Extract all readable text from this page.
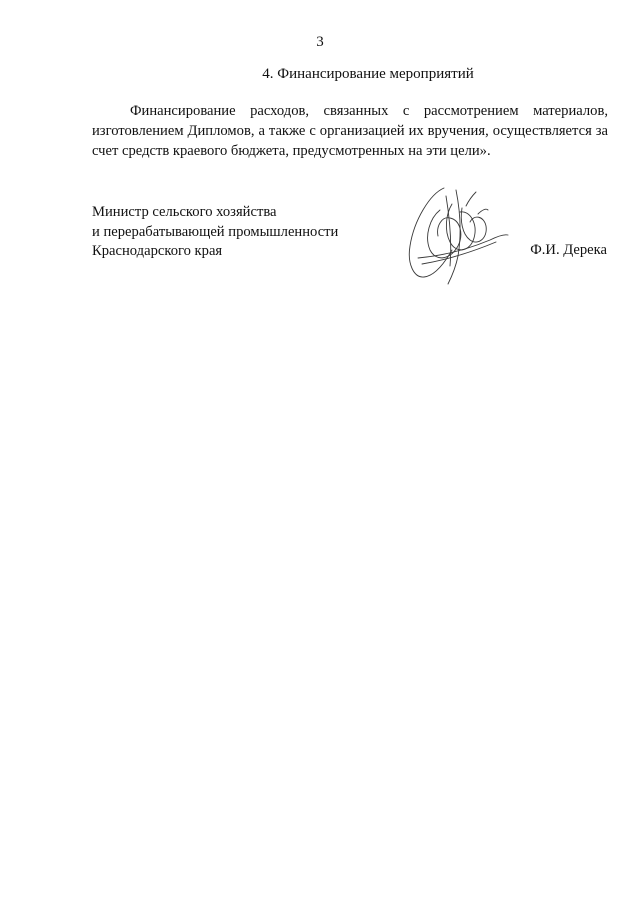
3
4. Финансирование мероприятий

Финансирование расходов, связанных с рассмотрением материалов, изготовлением Дипломов, а также с организацией их вручения, осуществляется за счет средств краевого бюджета, предусмотренных на эти цели».

Министр сельского хозяйства
и перерабатывающей промышленности
Краснодарского края	Ф.И. Дерека
